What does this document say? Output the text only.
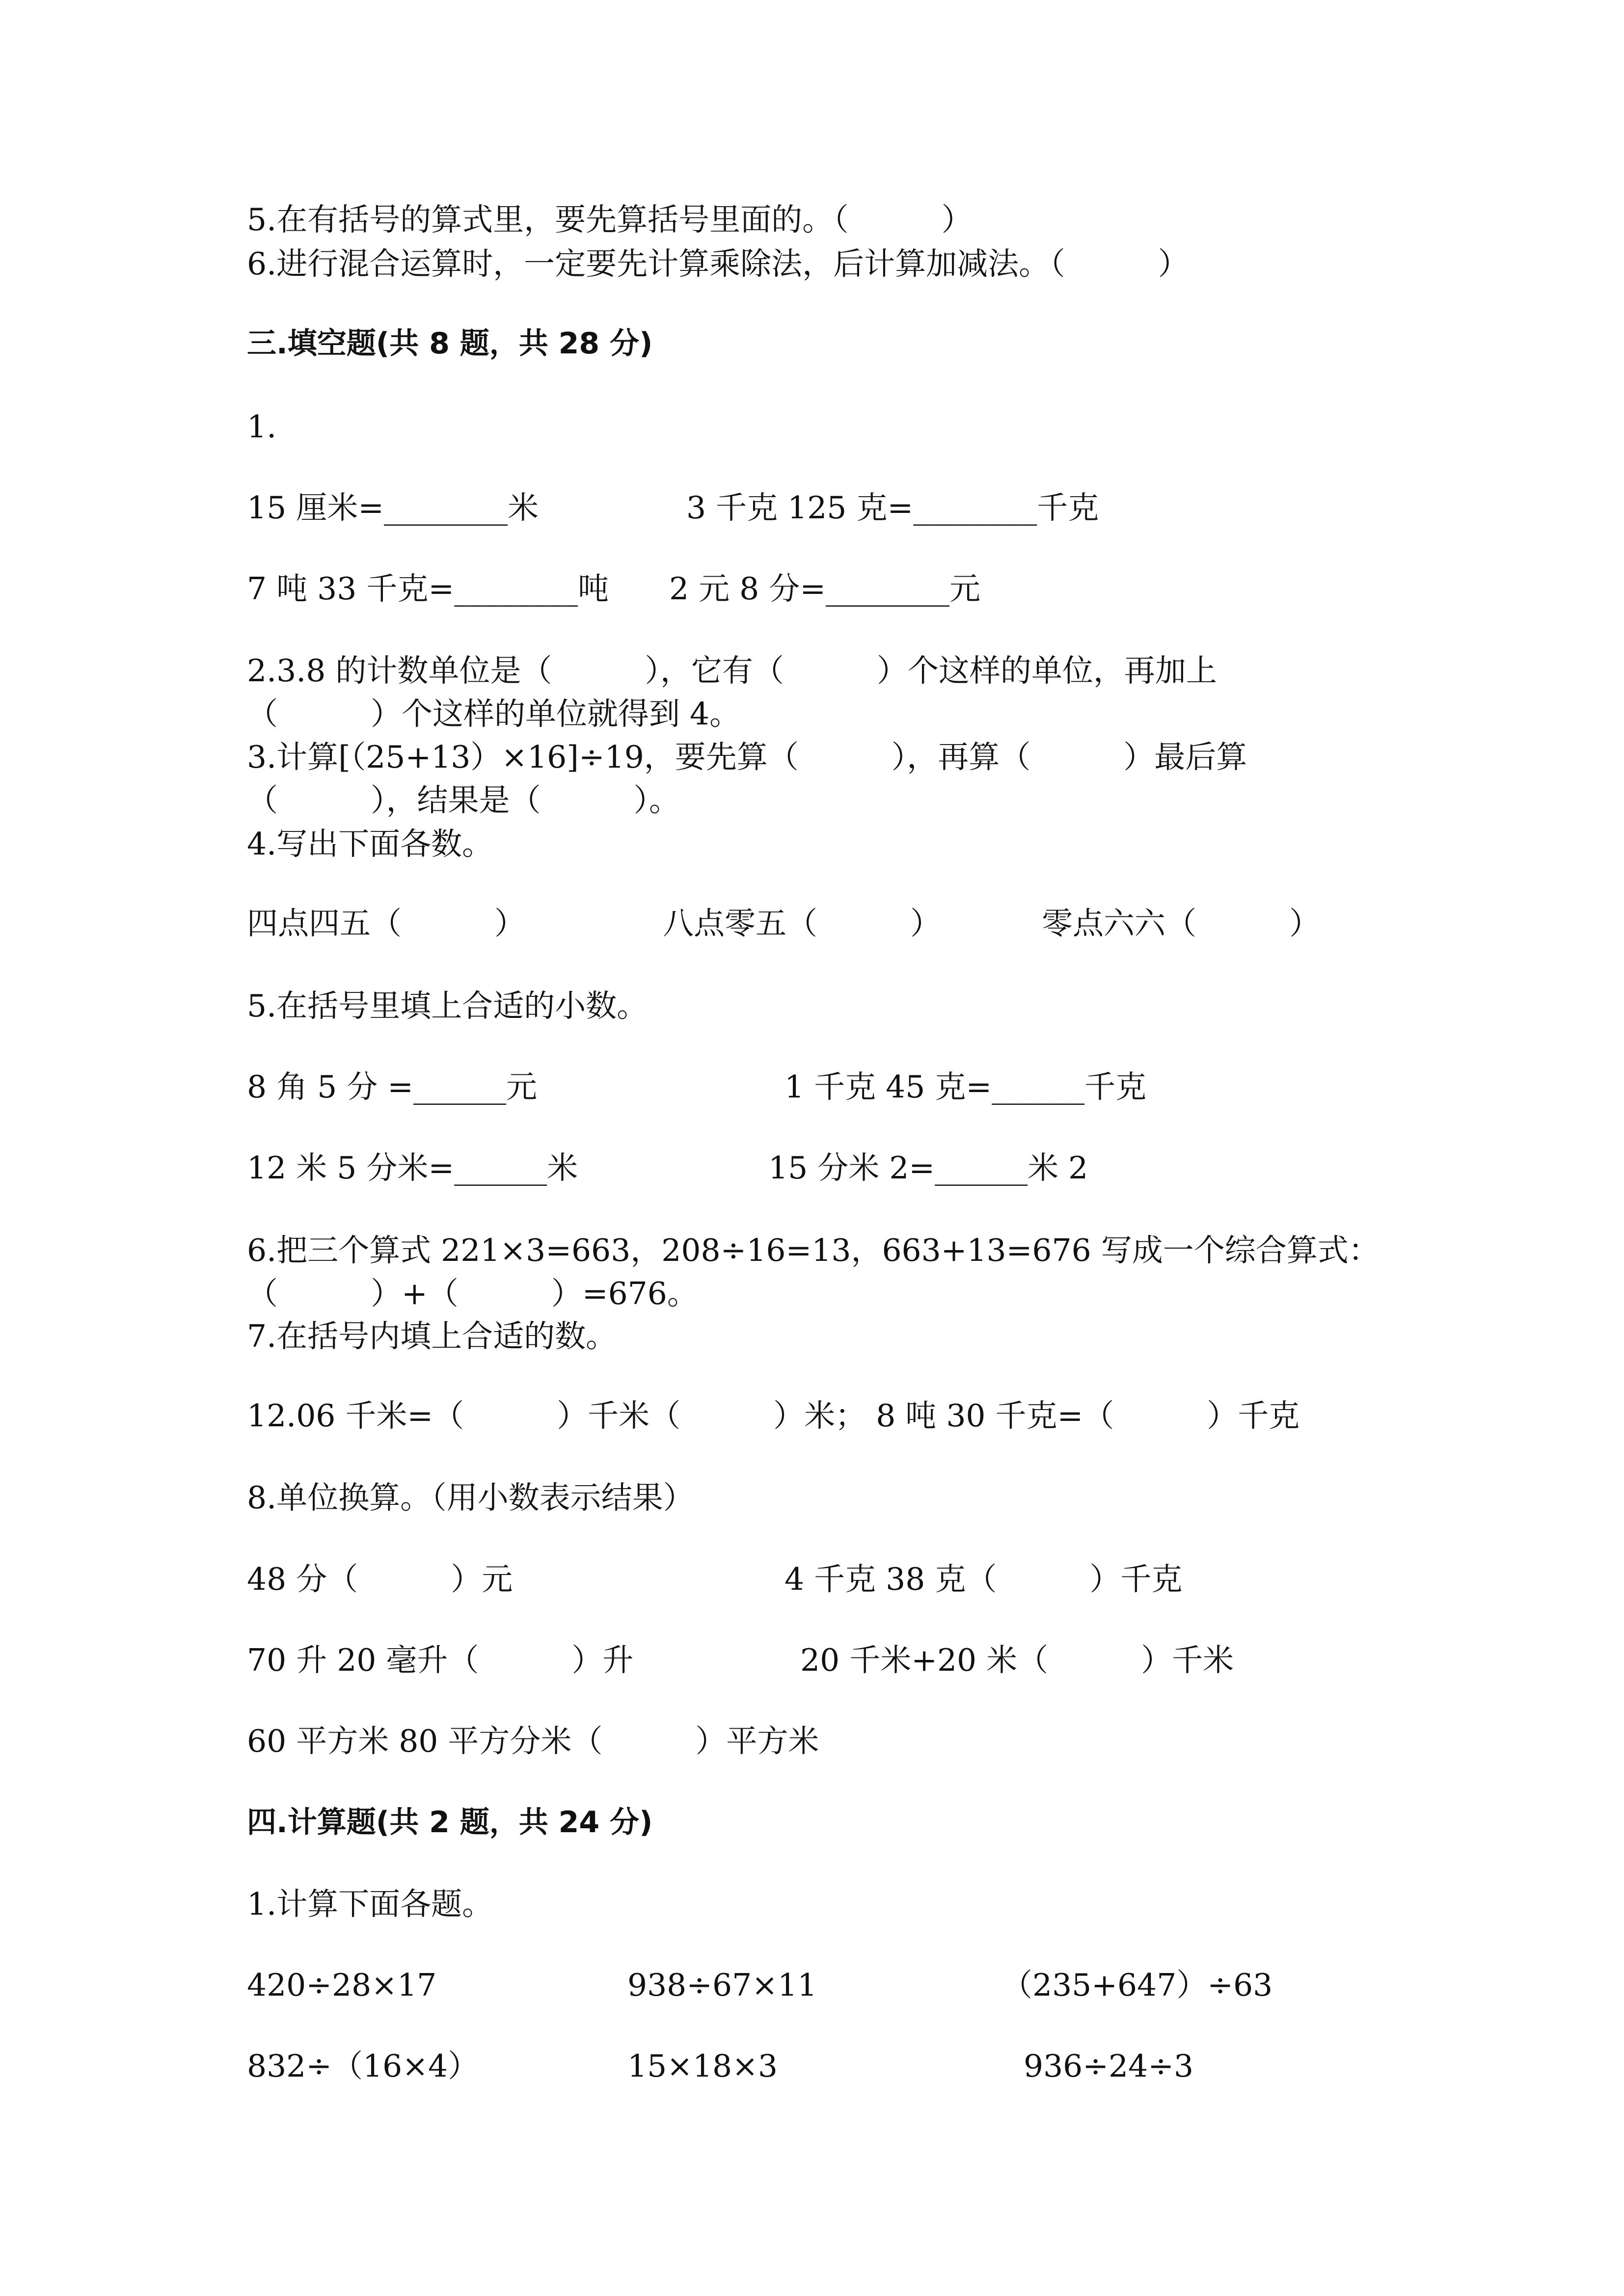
5.在有括号的算式里，要先算括号里面的。（　　　）
6.进行混合运算时，一定要先计算乘除法，后计算加减法。（　　　）
三.填空题(共 8 题，共 28 分)
1.
15 厘米=________米	3 千克 125 克=________千克
7 吨 33 千克=________吨 2 元 8 分=________元
2.3.8 的计数单位是（　　　），它有（　　　）个这样的单位，再加上
（　　　）个这样的单位就得到 4。
3.计算[（25+13）×16]÷19，要先算（　　　），再算（　　　）最后算
（　　　），结果是（　　　）。
4.写出下面各数。
四点四五（　　　）	八点零五（　　　）	零点六六（　　　）
5.在括号里填上合适的小数。
8 角 5 分 =______元	1 千克 45 克=______千克
12 米 5 分米=______米	15 分米 2=______米 2
6.把三个算式 221×3=663，208÷16=13，663+13=676 写成一个综合算式：
（　　　）+（　　　）=676。
7.在括号内填上合适的数。
12.06 千米=（　　　）千米（　　　）米； 8 吨 30 千克=（　　　）千克
8.单位换算。（用小数表示结果）
48 分（　　　）元	4 千克 38 克（　　　）千克
70 升 20 毫升（　　　）升	20 千米+20 米（　　　）千米
60 平方米 80 平方分米（　　　）平方米
四.计算题(共 2 题，共 24 分)
1.计算下面各题。
420÷28×17	938÷67×11	（235+647）÷63
832÷（16×4）	15×18×3	936÷24÷3
